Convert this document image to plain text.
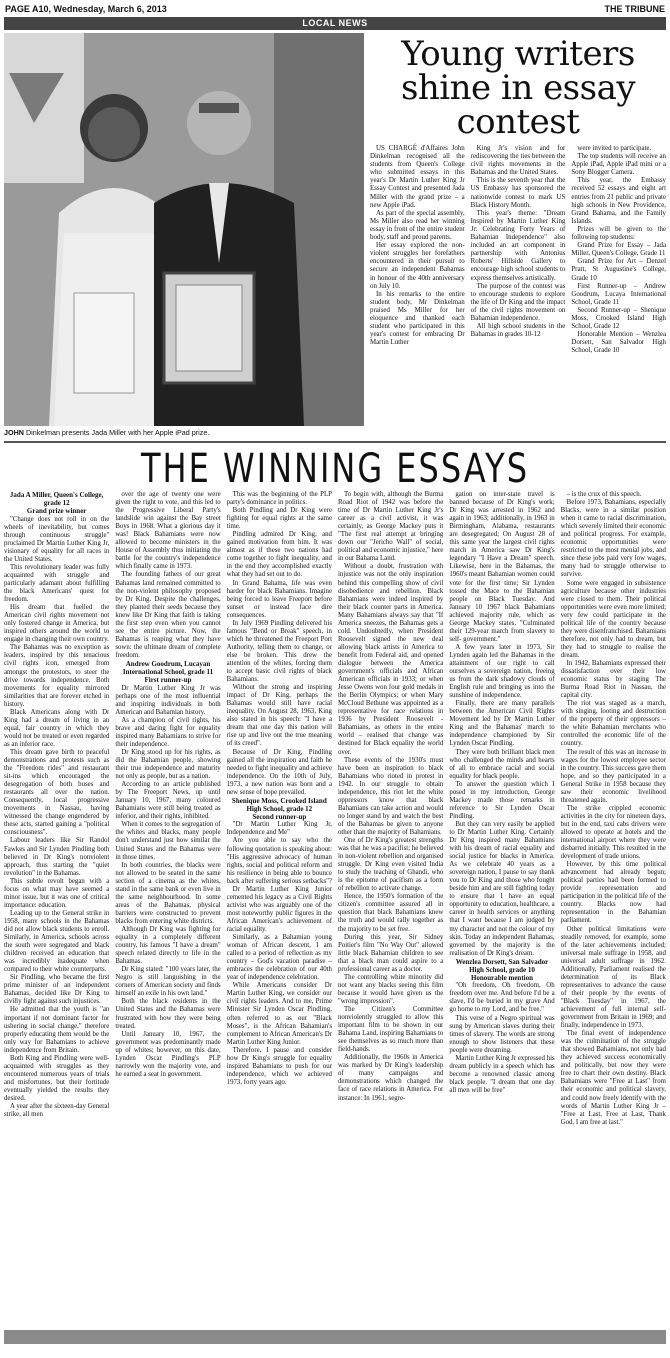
PAGE A10, Wednesday, March 6, 2013	THE TRIBUNE
LOCAL NEWS
JOHN Dinkelman presents Jada Miller with her Apple iPad prize.
Young writers shine in essay contest

US CHARGÉ d'Affaires John Dinkelman recognised all the students from Queen's College who submitted essays in this year's Dr Martin Luther King Jr Essay Contest and presented Jada Miller with the grand prize – a new Apple iPad.

As part of the special assembly, Ms Miller also read her winning essay in front of the entire student body, staff and proud parents.

Her essay explored the non-violent struggles her forefathers encountered in their pursuit to secure an independent Bahamas in honour of the 40th anniversary on July 10.

In his remarks to the entire student body, Mr Dinkelman praised Ms Miller for her eloquence and thanked each student who participated in this year's contest for embracing Dr Martin Luther

King Jr's vision and for rediscovering the ties between the civil rights movements in the Bahamas and the United States.

This is the seventh year that the US Embassy has sponsored the nationwide contest to mark US Black History Month.

This year's theme: "Dream Inspired by Martin Luther King Jr: Celebrating Forty Years of Bahamian Independence" also included an art component in partnership with Antonius Roberts' Hillside Gallery to encourage high school students to express themselves artistically.

The purpose of the contest was to encourage students to explore the life of Dr King and the impact of the civil rights movement on Bahamian independence.

All high school students in the Bahamas in grades 10-12

were invited to participate.

The top students will receive an Apple iPad, Apple iPad mini or a Sony Blogger Camera.

This year, the Embassy received 52 essays and eight art entries from 21 public and private high schools in New Providence, Grand Bahama, and the Family Islands.

Prizes will be given to the following top students:

Grand Prize for Essay – Jada Miller, Queen's College, Grade 11

Grand Prize for Art – Denzel Pratt, St Augustine's College, Grade 10

First Runner-up – Andrew Goodrum, Lucaya International School, Grade 11

Second Runner-up – Shenique Moss, Crooked Island High School, Grade 12

Honorable Mention – Wenzlea Dorsett, San Salvador High School, Grade 10

THE WINNING ESSAYS

Jada A Miller, Queen's College, grade 12
Grand prize winner

"Change does not roll in on the wheels of inevitability, but comes through continuous struggle" proclaimed Dr Martin Luther King Jr, visionary of equality for all races in the United States.

This revolutionary leader was fully acquainted with struggle and particularly adamant about fulfilling the black Americans' quest for freedom.

His dream that fuelled the American civil rights movement not only fostered change in America, but inspired others around the world to engage in changing their own country.

The Bahamas was no exception as leaders, inspired by this tenacious civil rights icon, emerged from amongst the protestors, to steer the drive towards independence. Both movements for equality mirrored similarities that are forever etched in history.

Black Americans along with Dr King had a dream of living in an equal, fair country in which they would not be treated or even regarded as an inferior race.

This dream gave birth to peaceful demonstrations and protests such as the "Freedom rides" and restaurant sit-ins which encouraged the desegregation of both buses and restaurants all over the nation. Consequently, local progressive movements in Nassau, having witnessed the change engendered by these acts, started gaining a "political consciousness".

Labour leaders like Sir Randol Fawkes and Sir Lynden Pindling both believed in Dr King's nonviolent approach, thus starting the "quiet revolution" in the Bahamas.

This subtle revolt began with a focus on what may have seemed a minor issue, but it was one of critical importance: education.

Leading up to the General strike in 1958, many schools in the Bahamas did not allow black students to enroll. Similarly, in America, schools across the south were segregated and black children received an education that was incredibly inadequate when compared to their white counterparts.

Sir Pindling, who became the first prime minister of an independent Bahamas, decided like Dr King to civilly fight against such injustices.

He admitted that the youth is "an important if not dominant factor for ushering in social change," therefore properly educating them would be the only way for Bahamians to achieve independence from Britain.

Both King and Pindling were well-acquainted with struggles as they encountered numerous years of trials and misfortunes, but their fortitude eventually yielded the results they desired.

A year after the sixteen-day General strike, all men

over the age of twenty one were given the right to vote, and this led to the Progressive Liberal Party's landslide win against the Bay street Boys in 1968. What a glorious day it was! Black Bahamians were now allowed to become ministers in the House of Assembly thus initiating the battle for the country's independence which finally came in 1973.

The founding fathers of our great Bahamas land remained committed to the non-violent philosophy proposed by Dr King. Despite the challenges, they planted their seeds because they knew like Dr King that faith is taking the first step even when you cannot see the entire picture. Now, the Bahamas is reaping what they have sown: the ultimate dream of complete freedom.

Andrew Goodrum, Lucayan International School, grade 11
First runner-up

Dr Martin Luther King Jr was perhaps one of the most influential and inspiring individuals in both American and Bahamian history.

As a champion of civil rights, his brave and daring fight for equality inspired many Bahamians to strive for their independence.

Dr King stood up for his rights, as did the Bahamian people, showing their true independence and maturity not only as people, but as a nation.

According to an article published by The Freeport News, up until January 10, 1967, many coloured Bahamians were still being treated as inferior, and their rights, inhibited.

When it comes to the segregation of the whites and blacks, many people don't understand just how similar the United States and the Bahamas were in those times.

In both countries, the blacks were not allowed to be seated in the same section of a cinema as the whites, stand in the same bank or even live in the same neighbourhood. In some areas of the Bahamas, physical barriers were constructed to prevent blacks from entering white districts.

Although Dr King was fighting for equality in a completely different country, his famous "I have a dream" speech related directly to life in the Bahamas.

Dr King stated: "100 years later, the Negro is still languishing in the corners of American society and finds himself an exile in his own land."

Both the black residents in the United States and the Bahamas were frustrated with how they were being treated.

Until January 10, 1967, the government was predominantly made up of whites; however, on this date, Lynden Oscar Pindling's PLP narrowly won the majority vote, and he earned a seat in government.

This was the beginning of the PLP party's dominance in politics.

Both Pindling and Dr King were fighting for equal rights at the same time.

Pindling admired Dr King, and gained motivation from him. It was almost as if these two nations had come together to fight inequality, and in the end they accomplished exactly what they had set out to do.

In Grand Bahama, life was even harder for black Bahamians. Imagine being forced to leave Freeport before sunset or instead face dire consequences.

In July 1969 Pindling delivered his famous "Bend or Break" speech, in which he threatened the Freeport Port Authority, telling them to change, or else be broken. This drew the attention of the whites, forcing them to accept basic civil rights of black Bahamians.

Without the strong and inspiring impact of Dr King, perhaps the Bahamas would still have racial inequality. On August 28, 1963, King also stated in his speech: "I have a dream that one day this nation will rise up and live out the true meaning of its creed".

Because of Dr King, Pindling gained all the inspiration and faith he needed to fight inequality and achieve independence. On the 10th of July, 1973, a new nation was born and a new sense of hope prevailed.

Shenique Moss, Crooked Island High School, grade 12
Second runner-up

"Dr Martin Luther King Jr, Independence and Me"

Are you able to say who the following quotation is speaking about: "His aggressive advocacy of human rights, social and political reform and his resilience in being able to bounce back after suffering serious setbacks"?

Dr Martin Luther King Junior cemented his legacy as a Civil Rights activist who was arguably one of the most noteworthy public figures in the African American's achievement of racial equality.

Similarly, as a Bahamian young woman of African descent, I am called to a period of reflection as my country – God's vacation paradise – embraces the celebration of our 40th year of independence celebration.

While Americans consider Dr Martin Luther King, we consider our civil rights leaders. And to me, Prime Minister Sir Lynden Oscar Pindling, often referred to as our "Black Moses", is the African Bahamian's complement to African American's Dr Martin Luther King Junior.

Therefore, I pause and consider how Dr King's struggle for equality inspired Bahamians to push for our independence, which we achieved 1973, forty years ago.

To begin with, although the Burma Road Riot of 1942 was before the time of Dr Martin Luther King Jr's career as a civil activist, it was certainly, as George Mackey puts it "The first real attempt at bringing down our "Jericho Wall" of social, political and economic injustice," here in our Bahama Land.

Without a doubt, frustration with injustice was not the only inspiration behind this compelling show of civil disobedience and rebellion. Black Bahamians were indeed inspired by their black counter parts in America. Many Bahamians always say that "If America sneezes, the Bahamas gets a cold. Undoubtedly, when President Roosevelt signed the new deal allowing black artists in America to benefit from Federal aid, and opened dialogue between the America government's officials and African American officials in 1933; or when Jesse Owens won four gold medals in the Berlin Olympics; or when Mary McCloud Bethune was appointed as a representative for race relations in 1936 by President Roosevelt - Bahamians, as others in the entire world – realised that change was destined for Black equality the world over.

These events of the 1930's must have been an inspiration to black Bahamians who rioted in protest in 1942. In our struggle to obtain independence, this riot let the white oppressors know that black Bahamians can take action and would no longer stand by and watch the best of the Bahamas be given to anyone other than the majority of Bahamians.

One of Dr King's greatest strengths was that he was a pacifist; he believed in non-violent rebellion and organised struggle. Dr King even visited India to study the teaching of Ghandi, who is the epitome of pacifism as a form of rebellion to activate change.

Hence, the 1950's formation of the citizen's committee assured all in question that black Bahamians knew the truth and would rally together as the majority to be set free.

During this year, Sir Sidney Poitier's film "No Way Out" allowed little black Bahamian children to see that a black man could aspire to a professional career as a doctor.

The controlling white minority did not want any blacks seeing this film because it would have given us the "wrong impression".

The Citizen's Committee nonviolently struggled to allow this important film to be shown in our Bahama Land, inspiring Bahamians to see themselves as so much more than field-hands.

Additionally, the 1960s in America was marked by Dr King's leadership of many campaigns and demonstrations which changed the face of race relations in America. For instance: In 1961, segre-

gation on inter-state travel is banned because of Dr King's work; Dr King was arrested in 1962 and again in 1963; additionally, in 1963 in Birmingham, Alabama, restaurants are desegregated; On August 28 of this same year the largest civil rights march in America saw Dr King's legendary "I Have a Dream" speech. Likewise, here in the Bahamas, the 1960's meant Bahamian women could vote for the first time; Sir Lynden tossed the Mace to the Bahamian people on Black Tuesday. And January 10 1967 black Bahamians achieved majority rule, which as George Mackey states, "Culminated their 129-year march from slavery to self- government."

A few years later in 1973, Sir Lynden again led the Bahamas in the attainment of our right to call ourselves a sovereign nation, freeing us from the dark shadowy clouds of English rule and bringing us into the sunshine of independence.

Finally, there are many parallels between the American Civil Rights Movement led by Dr Martin Luther King and the Bahamas' march to independence championed by Sir Lynden Oscar Pindling.

They were both brilliant black men who challenged the minds and hearts of all to embrace racial and social equality for black people.

To answer the question which I posed in my introduction, George Mackey made those remarks in reference to Sir Lynden Oscar Pindling.

But they can very easily be applied to Dr Martin Luther King. Certainly Dr King inspired many Bahamians with his dream of racial equality and social justice for blacks in America. As we celebrate 40 years as a sovereign nation, I pause to say thank you to Dr King and those who fought beside him and are still fighting today to ensure that I have an equal opportunity to education, healthcare, a career in health services or anything that I want because I am judged by my character and not the colour of my skin. Today an independent Bahamas, governed by the majority is the realisation of Dr King's dream.

Wenzlea Dorsett, San Salvador High School, grade 10
Honourable mention

"Oh freedom, Oh freedom, Oh freedom over me. And before I'd be a slave, I'd be buried in my grave And go home to my Lord, and be free."

This verse of a Negro spiritual was sung by American slaves during their times of slavery. The words are strong enough to show listeners that these people were dreaming.

Martin Luther King Jr expressed his dream publicly in a speech which has become a renowned classic among black people. "I dream that one day all men will be free"

– is the crux of this speech.

Before 1973, Bahamians, especially Blacks, were in a similar position when it came to racial discrimination, which severely limited their economic and political progress. For example, economic opportunities were restricted to the most menial jobs, and since these jobs paid very low wages, many had to struggle otherwise to survive.

Some were engaged in subsistence agriculture because other industries were closed to them. Their political opportunities were even more limited; very few could participate in the political life of the country because they were disenfranchised. Bahamians therefore, not only had to dream, but they had to struggle to realise the dream.

In 1942, Bahamians expressed their dissatisfaction over their low economic status by staging The Burma Road Riot in Nassau, the capital city.

The riot was staged as a march, with singing, looting and destruction of the property of their oppressors – the white Bahamian merchants who controlled the economic life of the country.

The result of this was an increase in wages for the lowest employee sector in the country. This success gave them hope, and so they participated in a General Strike in 1958 because they saw their economic livelihood threatened again.

The strike crippled economic activities in the city for nineteen days, but in the end, taxi cabs drivers were allowed to operate at hotels and the international airport where they were disbarred initially. This resulted in the development of trade unions.

However, by this time political advancement had already begun; political parties had been formed to provide representation and participation in the political life of the country. Blacks now had representation in the Bahamian parliament.

Other political limitations were steadily removed, for example, some of the later achievements included; universal male suffrage in 1958, and universal adult suffrage in 1962. Additionally, Parliament realised the determination of its Black representatives to advance the cause of their people by the events of "Black Tuesday" in 1967, the achievement of full internal self-government from Britain in 1969; and finally, independence in 1973.

The final event of independence was the culmination of the struggle that showed Bahamians, not only had they achieved success economically and politically, but now they were free to chart their own destiny. Black Bahamians were "Free at Last" from their economic and political slavery, and could now freely identify with the words of Martin Luther King Jr – "Free at Last, Free at Last, Thank God, I am free at last."
